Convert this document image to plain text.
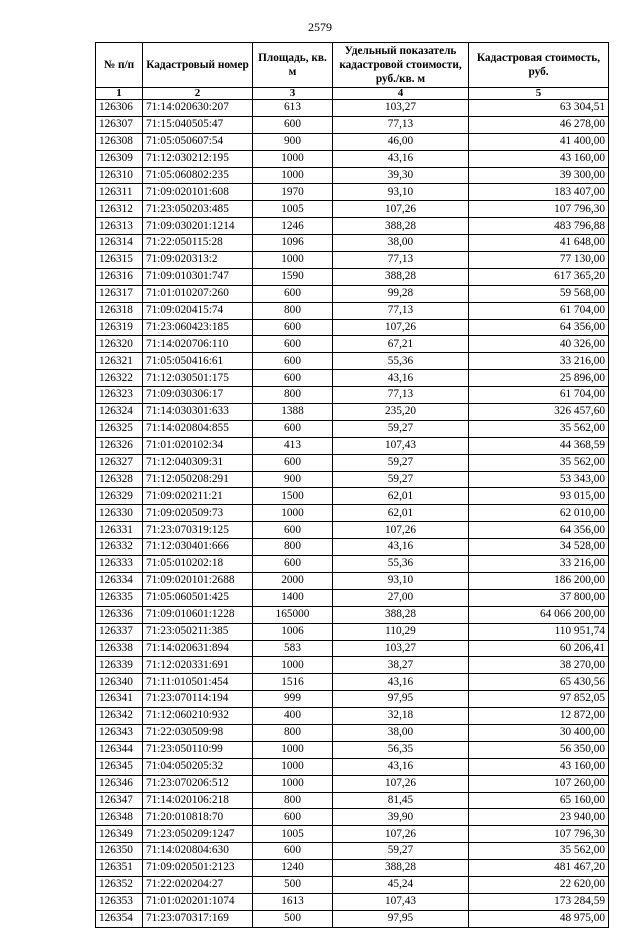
2579
№ п/п	Кадастровый номер	Площадь, кв. м	Удельный показатель кадастровой стоимости, руб./кв. м	Кадастровая стоимость, руб.
1	2	3	4	5
126306	71:14:020630:207	613	103,27	63 304,51
126307	71:15:040505:47	600	77,13	46 278,00
126308	71:05:050607:54	900	46,00	41 400,00
126309	71:12:030212:195	1000	43,16	43 160,00
126310	71:05:060802:235	1000	39,30	39 300,00
126311	71:09:020101:608	1970	93,10	183 407,00
126312	71:23:050203:485	1005	107,26	107 796,30
126313	71:09:030201:1214	1246	388,28	483 796,88
126314	71:22:050115:28	1096	38,00	41 648,00
126315	71:09:020313:2	1000	77,13	77 130,00
126316	71:09:010301:747	1590	388,28	617 365,20
126317	71:01:010207:260	600	99,28	59 568,00
126318	71:09:020415:74	800	77,13	61 704,00
126319	71:23:060423:185	600	107,26	64 356,00
126320	71:14:020706:110	600	67,21	40 326,00
126321	71:05:050416:61	600	55,36	33 216,00
126322	71:12:030501:175	600	43,16	25 896,00
126323	71:09:030306:17	800	77,13	61 704,00
126324	71:14:030301:633	1388	235,20	326 457,60
126325	71:14:020804:855	600	59,27	35 562,00
126326	71:01:020102:34	413	107,43	44 368,59
126327	71:12:040309:31	600	59,27	35 562,00
126328	71:12:050208:291	900	59,27	53 343,00
126329	71:09:020211:21	1500	62,01	93 015,00
126330	71:09:020509:73	1000	62,01	62 010,00
126331	71:23:070319:125	600	107,26	64 356,00
126332	71:12:030401:666	800	43,16	34 528,00
126333	71:05:010202:18	600	55,36	33 216,00
126334	71:09:020101:2688	2000	93,10	186 200,00
126335	71:05:060501:425	1400	27,00	37 800,00
126336	71:09:010601:1228	165000	388,28	64 066 200,00
126337	71:23:050211:385	1006	110,29	110 951,74
126338	71:14:020631:894	583	103,27	60 206,41
126339	71:12:020331:691	1000	38,27	38 270,00
126340	71:11:010501:454	1516	43,16	65 430,56
126341	71:23:070114:194	999	97,95	97 852,05
126342	71:12:060210:932	400	32,18	12 872,00
126343	71:22:030509:98	800	38,00	30 400,00
126344	71:23:050110:99	1000	56,35	56 350,00
126345	71:04:050205:32	1000	43,16	43 160,00
126346	71:23:070206:512	1000	107,26	107 260,00
126347	71:14:020106:218	800	81,45	65 160,00
126348	71:20:010818:70	600	39,90	23 940,00
126349	71:23:050209:1247	1005	107,26	107 796,30
126350	71:14:020804:630	600	59,27	35 562,00
126351	71:09:020501:2123	1240	388,28	481 467,20
126352	71:22:020204:27	500	45,24	22 620,00
126353	71:01:020201:1074	1613	107,43	173 284,59
126354	71:23:070317:169	500	97,95	48 975,00
